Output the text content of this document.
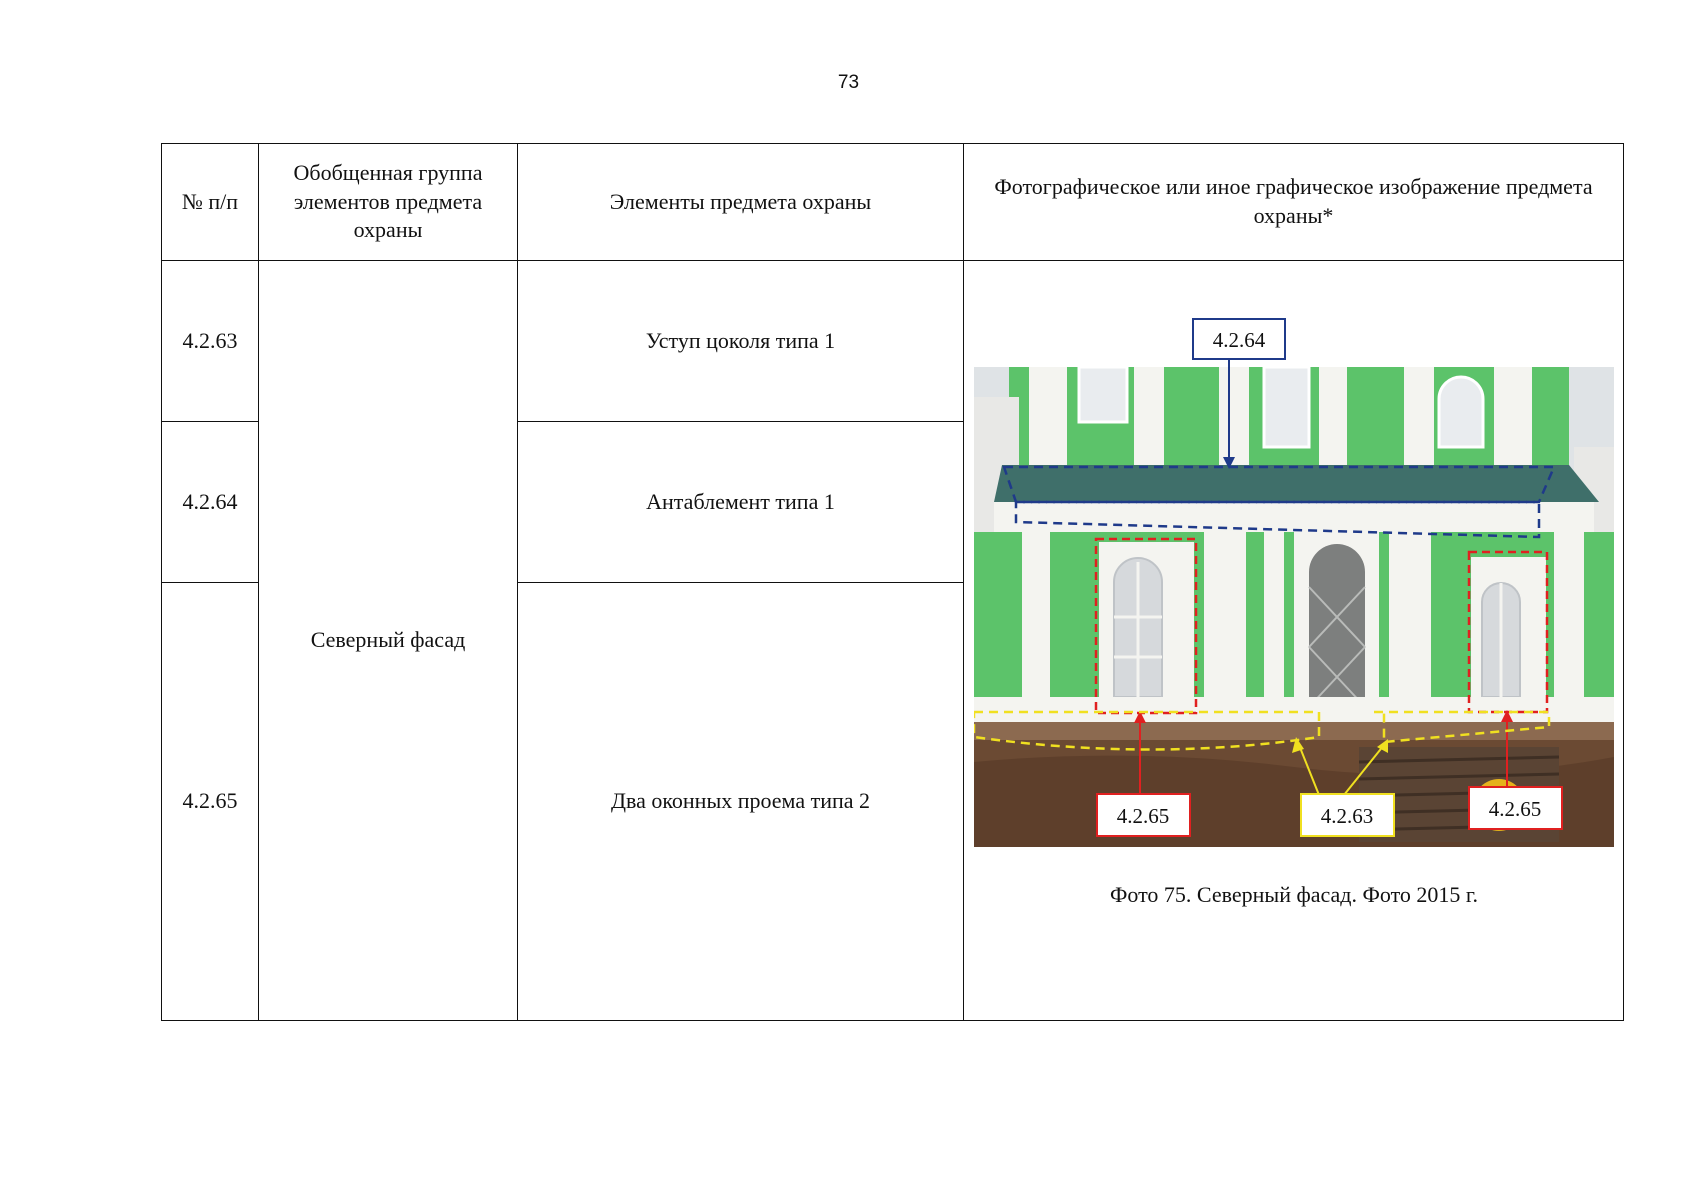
73
№ п/п	Обобщенная группа элементов предмета охраны	Элементы предмета охраны	Фотографическое или иное графическое изображение предмета охраны*
4.2.63	Северный фасад	Уступ цоколя типа 1	4.2.64
4.2.65 4.2.63 4.2.65
Фото 75. Северный фасад. Фото 2015 г.

4.2.64		Антаблемент типа 1	
4.2.65		Два оконных проема типа 2	
